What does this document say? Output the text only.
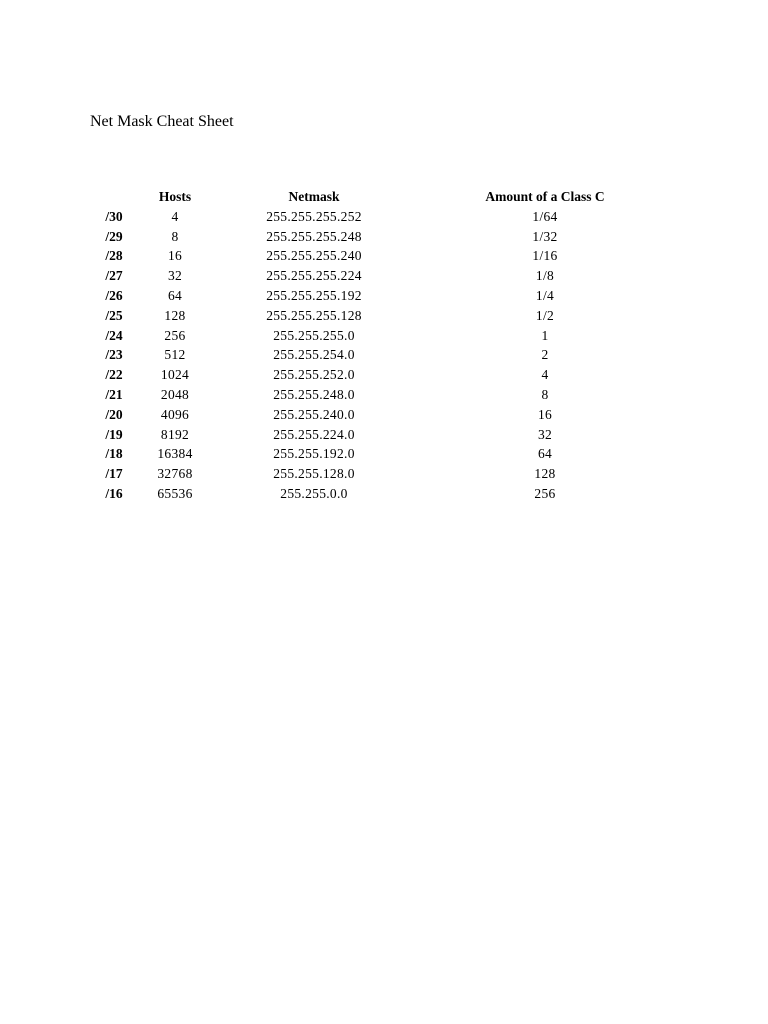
Net Mask Cheat Sheet
	Hosts	Netmask	Amount of a Class C
/30	4	255.255.255.252	1/64
/29	8	255.255.255.248	1/32
/28	16	255.255.255.240	1/16
/27	32	255.255.255.224	1/8
/26	64	255.255.255.192	1/4
/25	128	255.255.255.128	1/2
/24	256	255.255.255.0	1
/23	512	255.255.254.0	2
/22	1024	255.255.252.0	4
/21	2048	255.255.248.0	8
/20	4096	255.255.240.0	16
/19	8192	255.255.224.0	32
/18	16384	255.255.192.0	64
/17	32768	255.255.128.0	128
/16	65536	255.255.0.0	256
